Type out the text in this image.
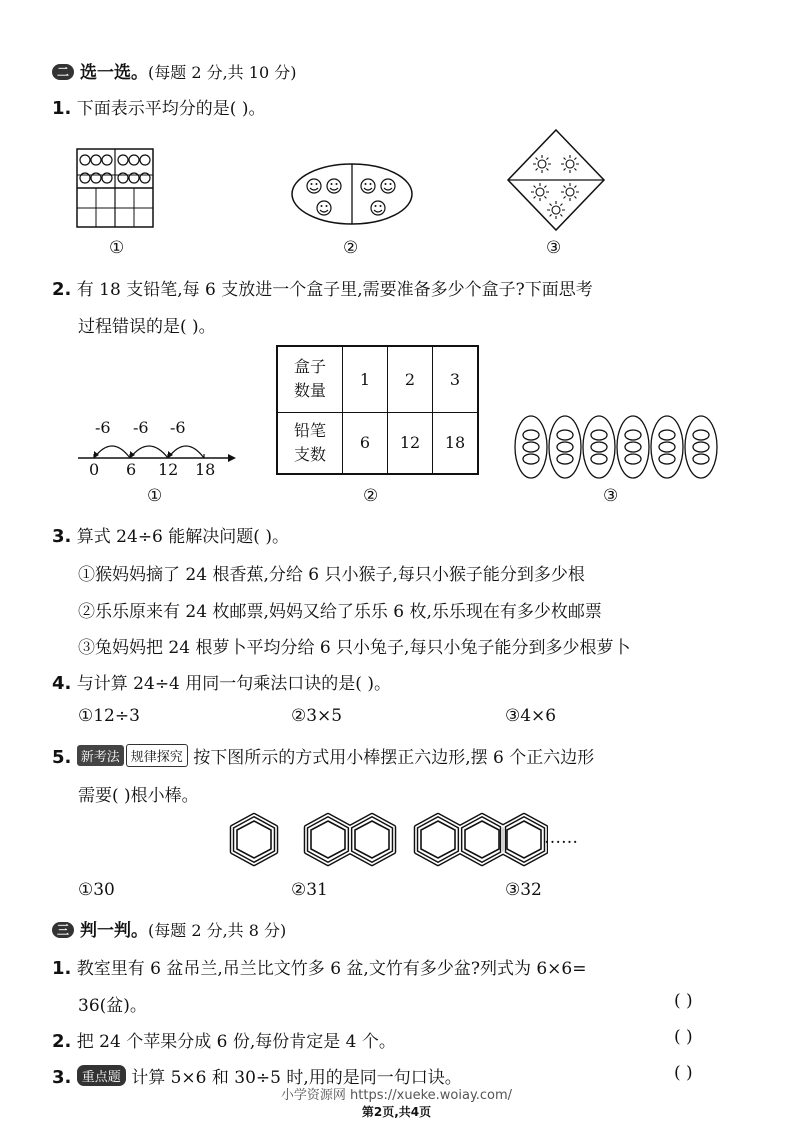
二 选一选。(每题 2 分,共 10 分)
1. 下面表示平均分的是( )。
①	②	③
2. 有 18 支铅笔,每 6 支放进一个盒子里,需要准备多少个盒子?下面思考
过程错误的是( )。
-6 -6 -6
0 6 12 18
①
盒子
数量	1	2	3
铅笔
支数	6	12	18
②	③
3. 算式 24÷6 能解决问题( )。
①猴妈妈摘了 24 根香蕉,分给 6 只小猴子,每只小猴子能分到多少根
②乐乐原来有 24 枚邮票,妈妈又给了乐乐 6 枚,乐乐现在有多少枚邮票
③兔妈妈把 24 根萝卜平均分给 6 只小兔子,每只小兔子能分到多少根萝卜
4. 与计算 24÷4 用同一句乘法口诀的是( )。
①12÷3	②3×5	③4×6
5. 新考法 规律探究 按下图所示的方式用小棒摆正六边形,摆 6 个正六边形
需要( )根小棒。
……
①30	②31	③32
三 判一判。(每题 2 分,共 8 分)
1. 教室里有 6 盆吊兰,吊兰比文竹多 6 盆,文竹有多少盆?列式为 6×6=
36(盆)。	( )
2. 把 24 个苹果分成 6 份,每份肯定是 4 个。	( )
3. 重点题 计算 5×6 和 30÷5 时,用的是同一句口诀。	( )
小学资源网 https://xueke.woiay.com/
第2页,共4页
